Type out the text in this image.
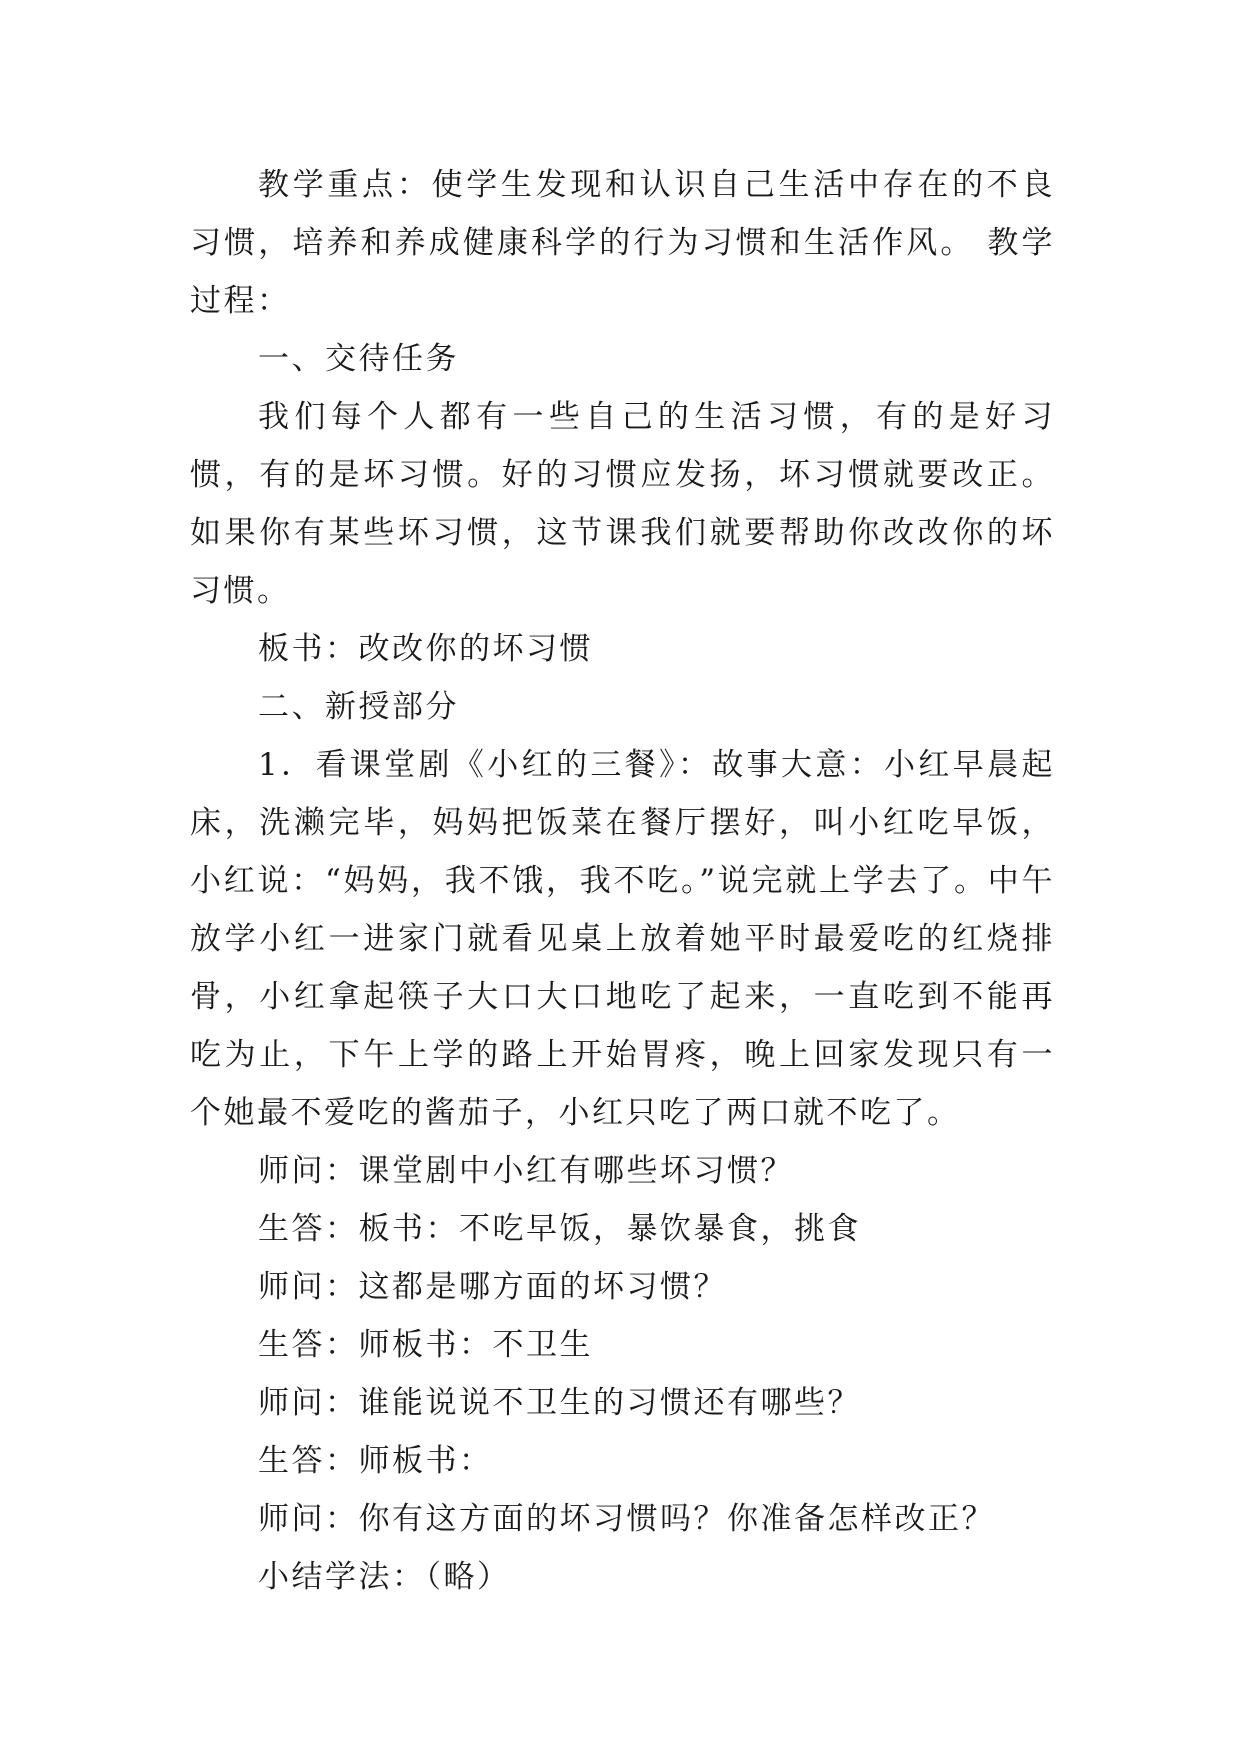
教学重点：使学生发现和认识自己生活中存在的不良习惯，培养和养成健康科学的行为习惯和生活作风。 教学过程：

一、交待任务

我们每个人都有一些自己的生活习惯，有的是好习惯，有的是坏习惯。好的习惯应发扬，坏习惯就要改正。如果你有某些坏习惯，这节课我们就要帮助你改改你的坏习惯。

板书：改改你的坏习惯

二、新授部分

1．看课堂剧《小红的三餐》：故事大意：小红早晨起床，洗濑完毕，妈妈把饭菜在餐厅摆好，叫小红吃早饭，小红说：“妈妈，我不饿，我不吃。”说完就上学去了。中午放学小红一进家门就看见桌上放着她平时最爱吃的红烧排骨，小红拿起筷子大口大口地吃了起来，一直吃到不能再吃为止，下午上学的路上开始胃疼，晚上回家发现只有一个她最不爱吃的酱茄子，小红只吃了两口就不吃了。

师问：课堂剧中小红有哪些坏习惯？

生答：板书：不吃早饭，暴饮暴食，挑食

师问：这都是哪方面的坏习惯？

生答：师板书：不卫生

师问：谁能说说不卫生的习惯还有哪些？

生答：师板书：

师问：你有这方面的坏习惯吗？你准备怎样改正？

小结学法：（略）
